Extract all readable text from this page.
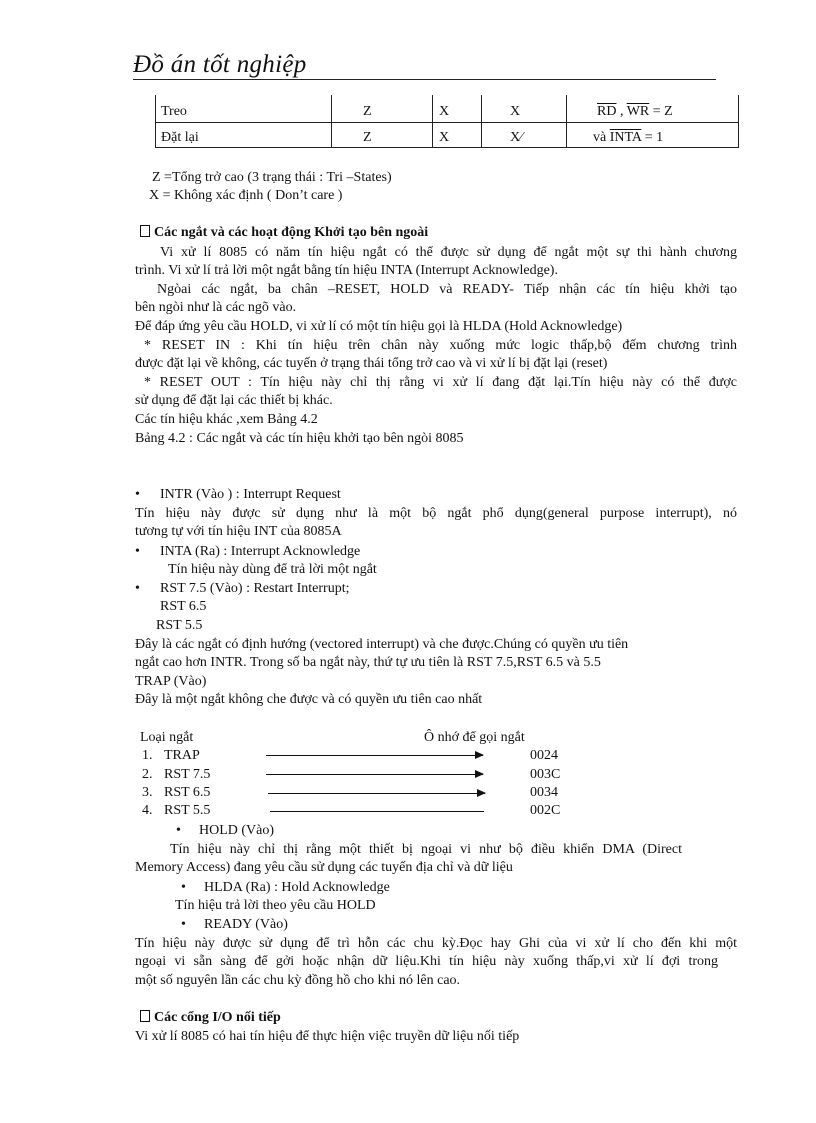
Đồ án tốt nghiệp
Treo	Z	X	X	$\overline{RD}$ , $\overline{WR} = Z$
Đặt lại	Z	X	X⁄	và INTA = 1
Z =Tổng trở cao (3 trạng thái : Tri –States)
X = Không xác định ( Don’t care )
Các ngắt và các hoạt động Khởi tạo bên ngoài
Vi xử lí 8085 có năm tín hiệu ngắt có thể được sử dụng để ngắt một sự thi hành chương
trình. Vi xử lí trả lời một ngắt bằng tín hiệu INTA (Interrupt Acknowledge).
Ngòai các ngắt, ba chân –RESET, HOLD và READY- Tiếp nhận các tín hiệu khởi tạo
bên ngòi như là các ngõ vào.
Để đáp ứng yêu cầu HOLD, vi xử lí có một tín hiệu gọi là HLDA (Hold Acknowledge)
* RESET IN : Khi tín hiệu trên chân này xuống mức logic thấp,bộ đếm chương trình
được đặt lại về không, các tuyến ở trạng thái tổng trở cao và vi xử lí bị đặt lại (reset)
* RESET OUT : Tín hiệu này chỉ thị rằng vi xử lí đang đặt lại.Tín hiệu này có thể được
sử dụng để đặt lại các thiết bị khác.
Các tín hiệu khác ,xem Bảng 4.2
Bảng 4.2 : Các ngắt và các tín hiệu khởi tạo bên ngòi 8085
• INTR (Vào ) : Interrupt Request
Tín hiệu này được sử dụng như là một bộ ngắt phổ dụng(general purpose interrupt), nó
tương tự với tín hiệu INT của 8085A
• INTA (Ra) : Interrupt Acknowledge
Tín hiệu này dùng để trả lời một ngắt
• RST 7.5 (Vào) : Restart Interrupt;
RST 6.5
RST 5.5
Đây là các ngắt có định hướng (vectored interrupt) và che được.Chúng có quyền ưu tiên
ngắt cao hơn INTR. Trong số ba ngắt này, thứ tự ưu tiên là RST 7.5,RST 6.5 và 5.5
TRAP (Vào)
Đây là một ngắt không che được và có quyền ưu tiên cao nhất
Loại ngắt	Ô nhớ để gọi ngắt
1. TRAP	0024
2. RST 7.5	003C
3. RST 6.5	0034
4. RST 5.5	002C
• HOLD (Vào)
Tín hiệu này chỉ thị rằng một thiết bị ngoại vi như bộ điều khiển DMA (Direct
Memory Access) đang yêu cầu sử dụng các tuyến địa chỉ và dữ liệu
• HLDA (Ra) : Hold Acknowledge
Tín hiệu trả lời theo yêu cầu HOLD
• READY (Vào)
Tín hiệu này được sử dụng để trì hỗn các chu kỳ.Đọc hay Ghi của vi xử lí cho đến khi một
ngoại vi sẵn sàng để gởi hoặc nhận dữ liệu.Khi tín hiệu này xuống thấp,vi xử lí đợi trong
một số nguyên lần các chu kỳ đồng hồ cho khi nó lên cao.
Các cổng I/O nối tiếp
Vi xử lí 8085 có hai tín hiệu để thực hiện việc truyền dữ liệu nối tiếp
